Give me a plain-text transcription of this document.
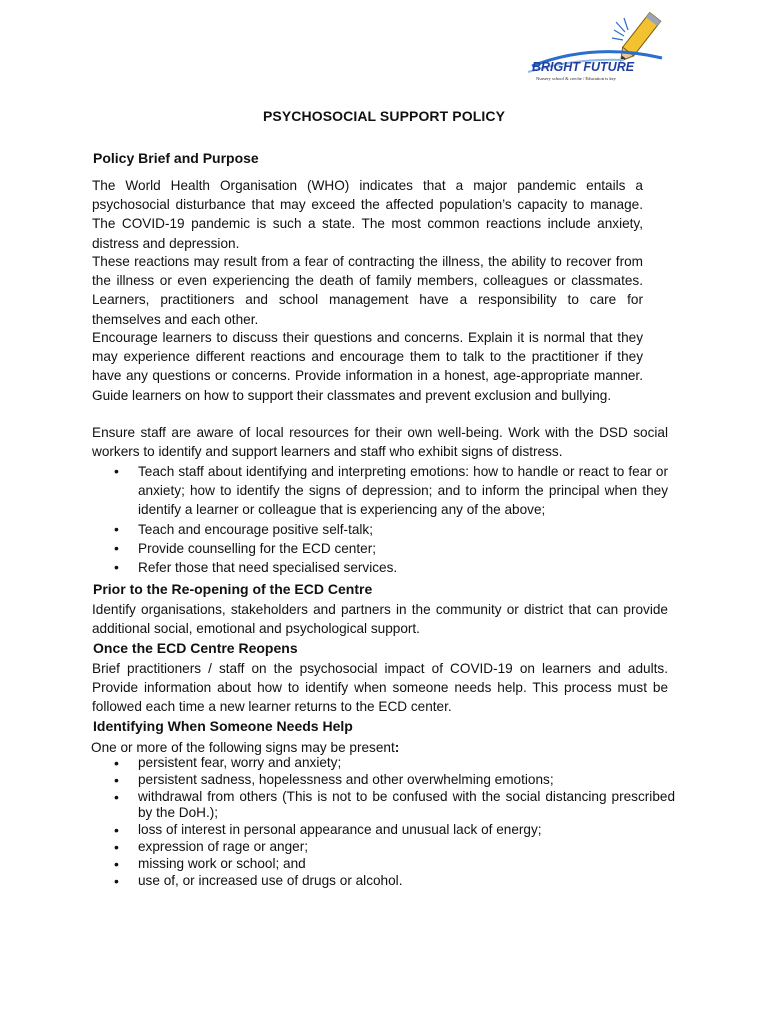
BRIGHT FUTURE
Nursery school & creche / Education is key
PSYCHOSOCIAL SUPPORT POLICY
Policy Brief and Purpose

The World Health Organisation (WHO) indicates that a major pandemic entails a psychosocial disturbance that may exceed the affected population’s capacity to manage. The COVID-19 pandemic is such a state. The most common reactions include anxiety, distress and depression.

These reactions may result from a fear of contracting the illness, the ability to recover from the illness or even experiencing the death of family members, colleagues or classmates. Learners, practitioners and school management have a responsibility to care for themselves and each other.

Encourage learners to discuss their questions and concerns. Explain it is normal that they may experience different reactions and encourage them to talk to the practitioner if they have any questions or concerns. Provide information in a honest, age-appropriate manner. Guide learners on how to support their classmates and prevent exclusion and bullying.

Ensure staff are aware of local resources for their own well-being. Work with the DSD social workers to identify and support learners and staff who exhibit signs of distress.

• Teach staff about identifying and interpreting emotions: how to handle or react to fear or anxiety; how to identify the signs of depression; and to inform the principal when they identify a learner or colleague that is experiencing any of the above;
• Teach and encourage positive self-talk;
• Provide counselling for the ECD center;
• Refer those that need specialised services.
Prior to the Re-opening of the ECD Centre

Identify organisations, stakeholders and partners in the community or district that can provide additional social, emotional and psychological support.

Once the ECD Centre Reopens

Brief practitioners / staff on the psychosocial impact of COVID-19 on learners and adults. Provide information about how to identify when someone needs help. This process must be followed each time a new learner returns to the ECD center.

Identifying When Someone Needs Help
One or more of the following signs may be present:
• persistent fear, worry and anxiety;
• persistent sadness, hopelessness and other overwhelming emotions;
• withdrawal from others (This is not to be confused with the social distancing prescribed by the DoH.);
• loss of interest in personal appearance and unusual lack of energy;
• expression of rage or anger;
• missing work or school; and
• use of, or increased use of drugs or alcohol.
